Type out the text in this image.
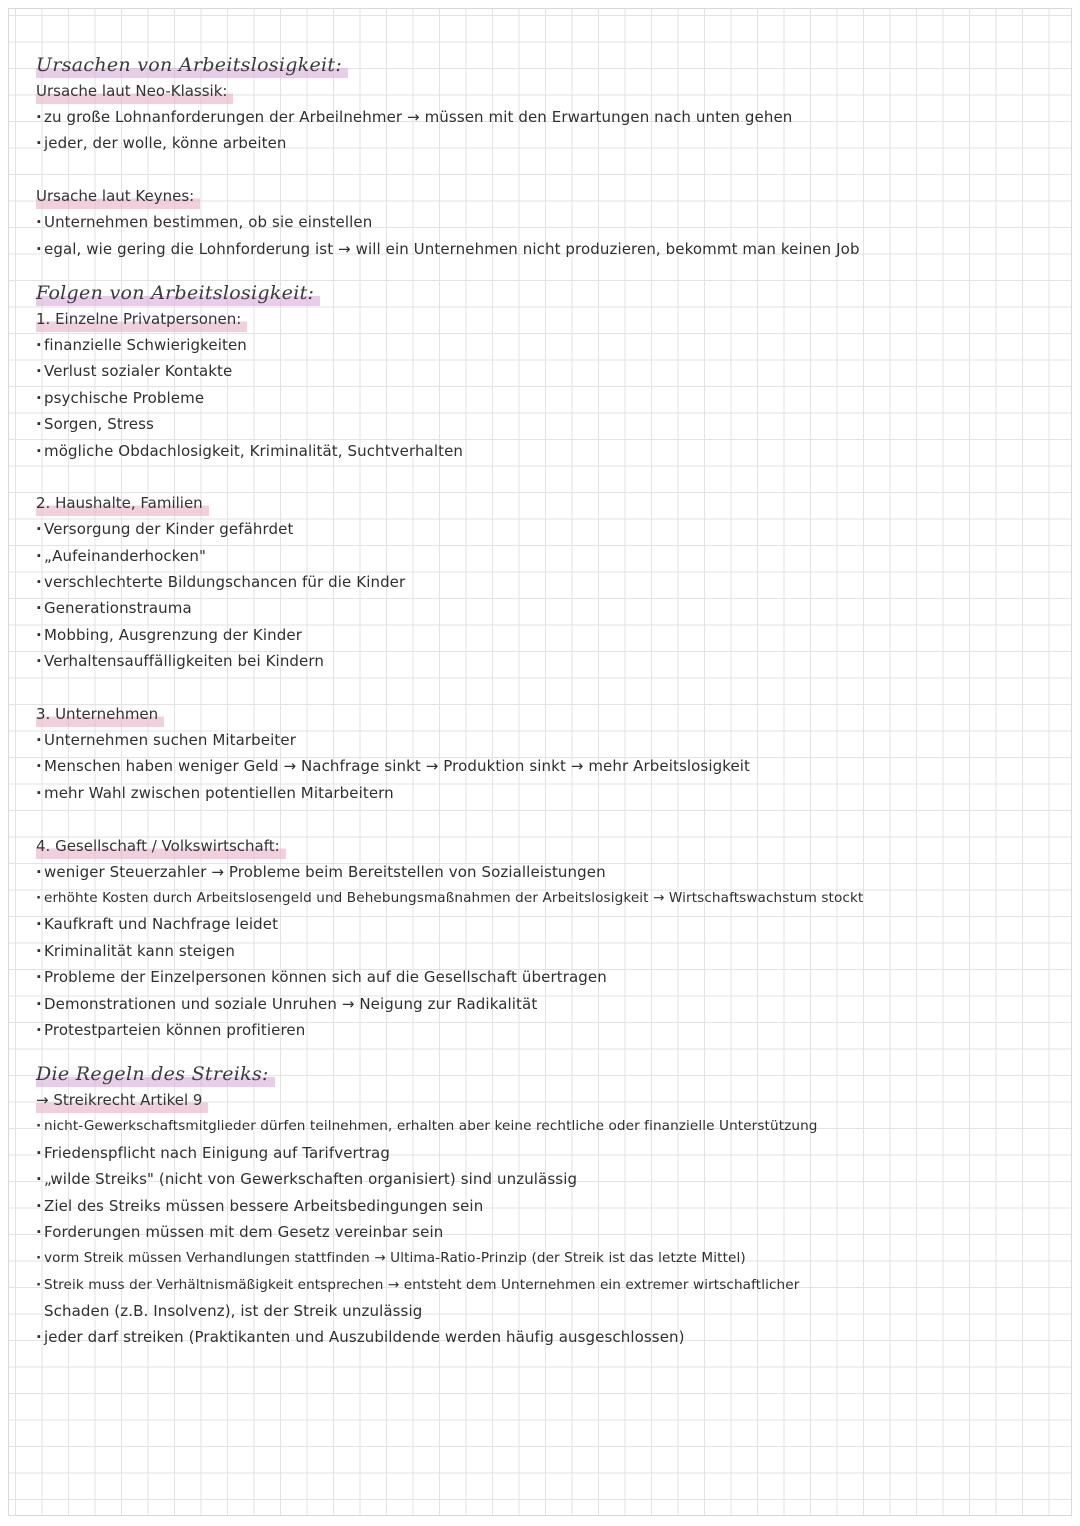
Ursachen von Arbeitslosigkeit:
Ursache laut Neo-Klassik:
· zu große Lohnanforderungen der Arbeilnehmer → müssen mit den Erwartungen nach unten gehen
· jeder, der wolle, könne arbeiten
Ursache laut Keynes:
· Unternehmen bestimmen, ob sie einstellen
· egal, wie gering die Lohnforderung ist → will ein Unternehmen nicht produzieren, bekommt man keinen Job
Folgen von Arbeitslosigkeit:
1. Einzelne Privatpersonen:
· finanzielle Schwierigkeiten
· Verlust sozialer Kontakte
· psychische Probleme
· Sorgen, Stress
· mögliche Obdachlosigkeit, Kriminalität, Suchtverhalten
2. Haushalte, Familien
· Versorgung der Kinder gefährdet
· „Aufeinanderhocken"
· verschlechterte Bildungschancen für die Kinder
· Generationstrauma
· Mobbing, Ausgrenzung der Kinder
· Verhaltensauffälligkeiten bei Kindern
3. Unternehmen
· Unternehmen suchen Mitarbeiter
· Menschen haben weniger Geld → Nachfrage sinkt → Produktion sinkt → mehr Arbeitslosigkeit
· mehr Wahl zwischen potentiellen Mitarbeitern
4. Gesellschaft / Volkswirtschaft:
· weniger Steuerzahler → Probleme beim Bereitstellen von Sozialleistungen
· erhöhte Kosten durch Arbeitslosengeld und Behebungsmaßnahmen der Arbeitslosigkeit → Wirtschaftswachstum stockt
· Kaufkraft und Nachfrage leidet
· Kriminalität kann steigen
· Probleme der Einzelpersonen können sich auf die Gesellschaft übertragen
· Demonstrationen und soziale Unruhen → Neigung zur Radikalität
· Protestparteien können profitieren
Die Regeln des Streiks:
→ Streikrecht Artikel 9
· nicht-Gewerkschaftsmitglieder dürfen teilnehmen, erhalten aber keine rechtliche oder finanzielle Unterstützung
· Friedenspflicht nach Einigung auf Tarifvertrag
· „wilde Streiks" (nicht von Gewerkschaften organisiert) sind unzulässig
· Ziel des Streiks müssen bessere Arbeitsbedingungen sein
· Forderungen müssen mit dem Gesetz vereinbar sein
· vorm Streik müssen Verhandlungen stattfinden → Ultima-Ratio-Prinzip (der Streik ist das letzte Mittel)
· Streik muss der Verhältnismäßigkeit entsprechen → entsteht dem Unternehmen ein extremer wirtschaftlicher
Schaden (z.B. Insolvenz), ist der Streik unzulässig
· jeder darf streiken (Praktikanten und Auszubildende werden häufig ausgeschlossen)
